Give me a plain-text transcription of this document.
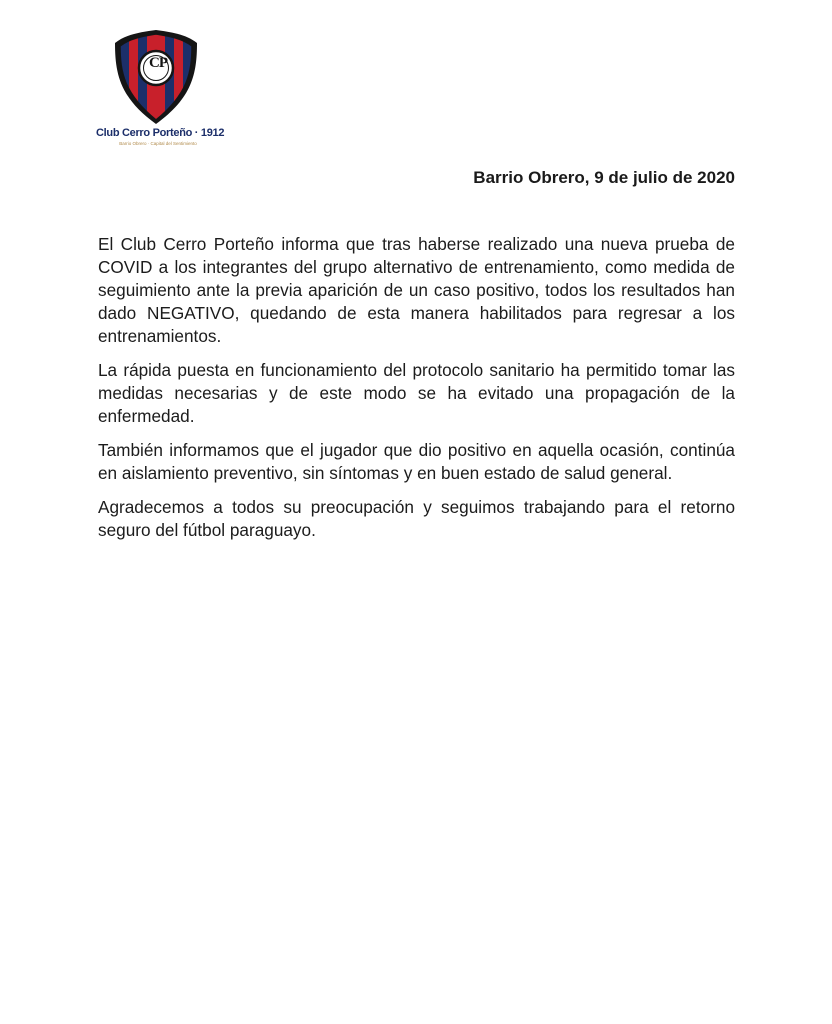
CP
Club Cerro Porteño · 1912
Barrio Obrero · Capital del Sentimiento
Barrio Obrero, 9 de julio de 2020

El Club Cerro Porteño informa que tras haberse realizado una nueva prueba de COVID a los integrantes del grupo alternativo de entrenamiento, como medida de seguimiento ante la previa aparición de un caso positivo, todos los resultados han dado NEGATIVO, quedando de esta manera habilitados para regresar a los entrenamientos.

La rápida puesta en funcionamiento del protocolo sanitario ha permitido tomar las medidas necesarias y de este modo se ha evitado una propagación de la enfermedad.

También informamos que el jugador que dio positivo en aquella ocasión, continúa en aislamiento preventivo, sin síntomas y en buen estado de salud general.

Agradecemos a todos su preocupación y seguimos trabajando para el retorno seguro del fútbol paraguayo.
